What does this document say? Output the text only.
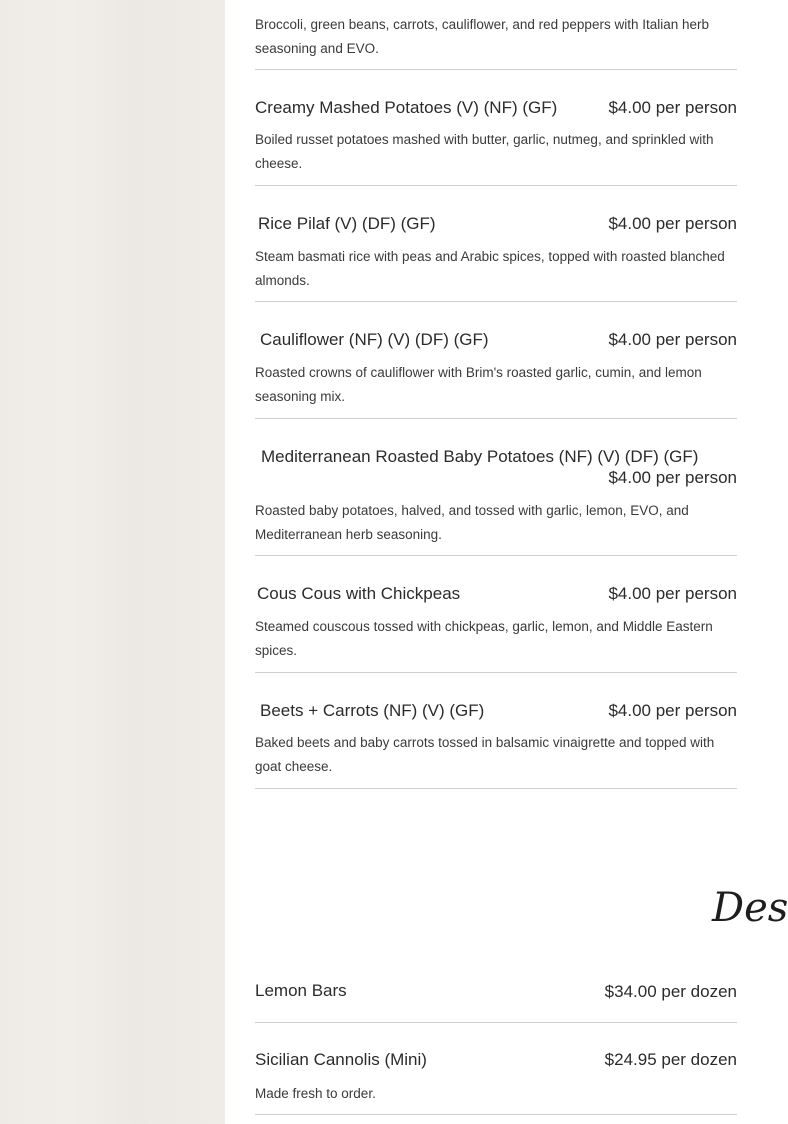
Broccoli, green beans, carrots, cauliflower, and red peppers with Italian herb seasoning and EVO.
Creamy Mashed Potatoes (V) (NF) (GF)	$4.00 per person
Boiled russet potatoes mashed with butter, garlic, nutmeg, and sprinkled with cheese.
Rice Pilaf (V) (DF) (GF)	$4.00 per person
Steam basmati rice with peas and Arabic spices, topped with roasted blanched almonds.
Cauliflower (NF) (V) (DF) (GF)	$4.00 per person
Roasted crowns of cauliflower with Brim's roasted garlic, cumin, and lemon seasoning mix.
Mediterranean Roasted Baby Potatoes (NF) (V) (DF) (GF)
$4.00 per person
Roasted baby potatoes, halved, and tossed with garlic, lemon, EVO, and Mediterranean herb seasoning.
Cous Cous with Chickpeas	$4.00 per person
Steamed couscous tossed with chickpeas, garlic, lemon, and Middle Eastern spices.
Beets + Carrots (NF) (V) (GF)	$4.00 per person
Baked beets and baby carrots tossed in balsamic vinaigrette and topped with goat cheese.
Lemon Bars	$34.00 per dozen
Sicilian Cannolis (Mini)	$24.95 per dozen
Made fresh to order.
Des
